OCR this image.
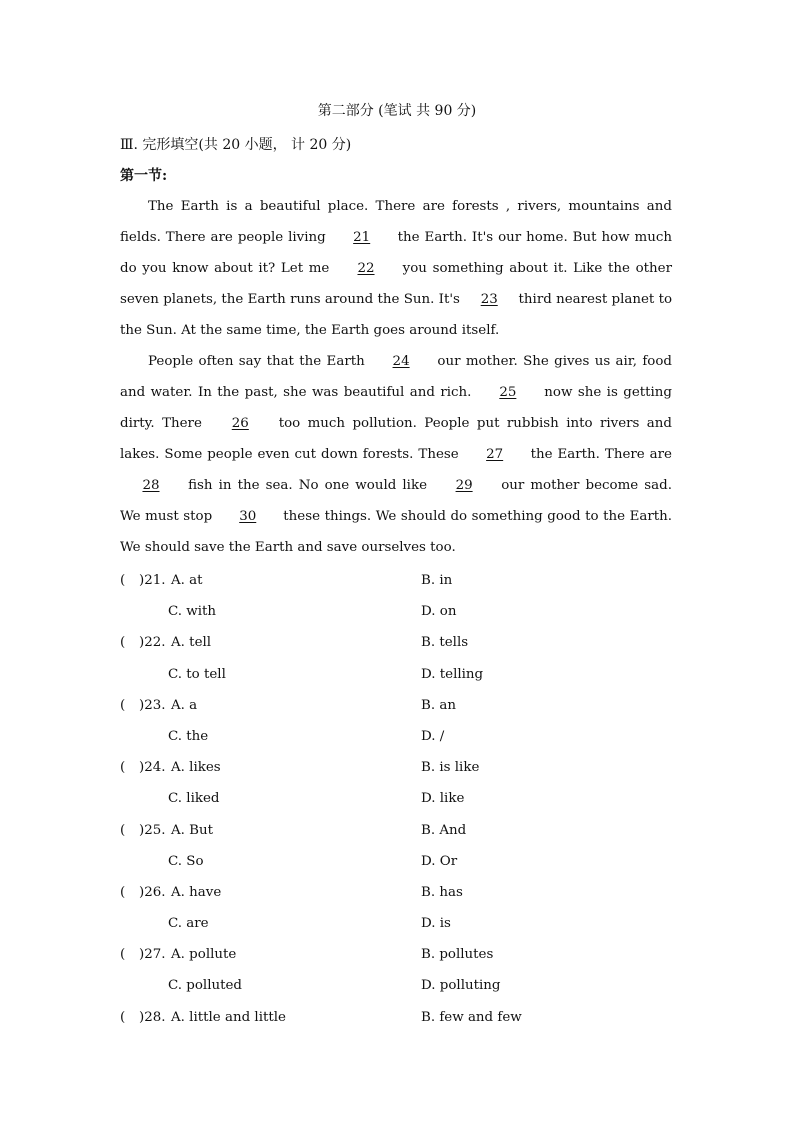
第二部分 (笔试 共 90 分)
Ⅲ. 完形填空(共 20 小题， 计 20 分)
第一节:

The Earth is a beautiful place. There are forests , rivers, mountains and fields. There are people living 21 the Earth. It's our home. But how much do you know about it? Let me 22 you something about it. Like the other seven planets, the Earth runs around the Sun. It's 23 third nearest planet to the Sun. At the same time, the Earth goes around itself.

People often say that the Earth 24 our mother. She gives us air, food and water. In the past, she was beautiful and rich. 25 now she is getting dirty. There 26 too much pollution. People put rubbish into rivers and lakes. Some people even cut down forests. These 27 the Earth. There are 28 fish in the sea. No one would like 29 our mother become sad. We must stop 30 these things. We should do something good to the Earth. We should save the Earth and save ourselves too.

( )21. A. at	B. in
C. with	D. on
( )22. A. tell	B. tells
C. to tell	D. telling
( )23. A. a	B. an
C. the	D. /
( )24. A. likes	B. is like
C. liked	D. like
( )25. A. But	B. And
C. So	D. Or
( )26. A. have	B. has
C. are	D. is
( )27. A. pollute	B. pollutes
C. polluted	D. polluting
( )28. A. little and little	B. few and few
